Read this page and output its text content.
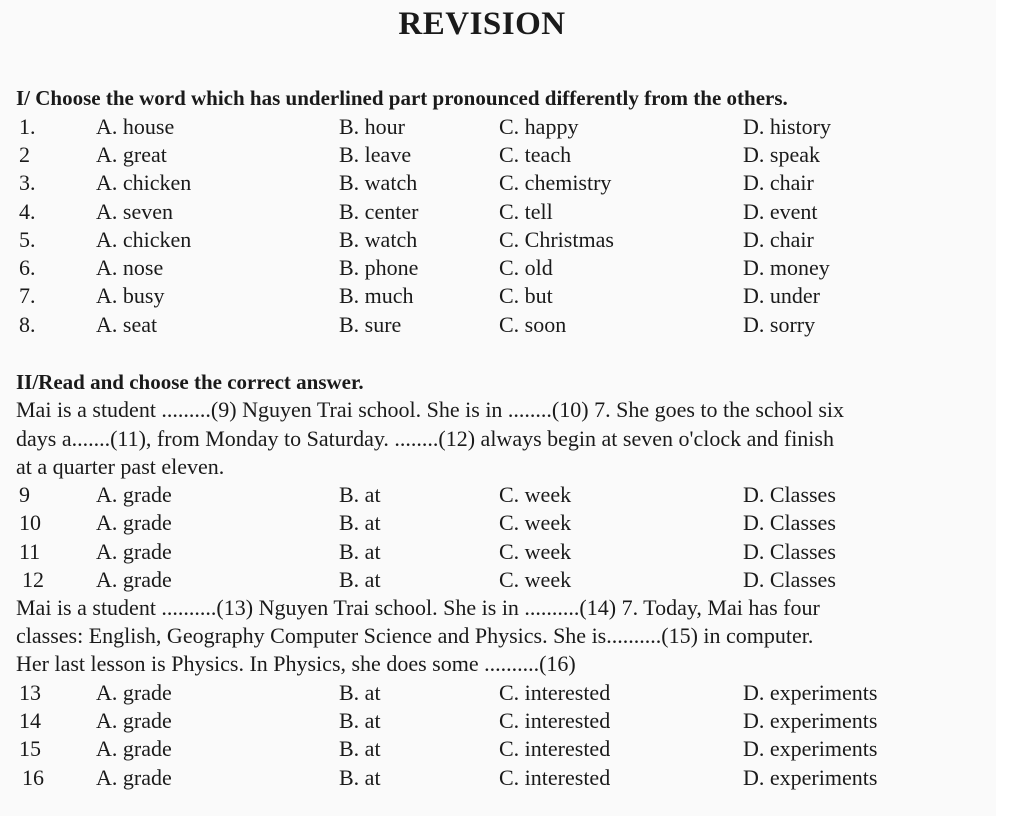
REVISION
I/ Choose the word which has underlined part pronounced differently from the others.
1.	A. house	B. hour	C. happy	D. history
2	A. great	B. leave	C. teach	D. speak
3.	A. chicken	B. watch	C. chemistry	D. chair
4.	A. seven	B. center	C. tell	D. event
5.	A. chicken	B. watch	C. Christmas	D. chair
6.	A. nose	B. phone	C. old	D. money
7.	A. busy	B. much	C. but	D. under
8.	A. seat	B. sure	C. soon	D. sorry
II/Read and choose the correct answer.
Mai is a student .........(9) Nguyen Trai school. She is in ........(10) 7. She goes to the school six
days a.......(11), from Monday to Saturday. ........(12) always begin at seven o'clock and finish
at a quarter past eleven.
9	A. grade	B. at	C. week	D. Classes
10	A. grade	B. at	C. week	D. Classes
11	A. grade	B. at	C. week	D. Classes
12 A. grade	B. at	C. week	D. Classes
Mai is a student ..........(13) Nguyen Trai school. She is in ..........(14) 7. Today, Mai has four
classes: English, Geography Computer Science and Physics. She is..........(15) in computer.
Her last lesson is Physics. In Physics, she does some ..........(16)
13	A. grade	B. at	C. interested	D. experiments
14	A. grade	B. at	C. interested	D. experiments
15	A. grade	B. at	C. interested	D. experiments
16 A. grade	B. at	C. interested	D. experiments
